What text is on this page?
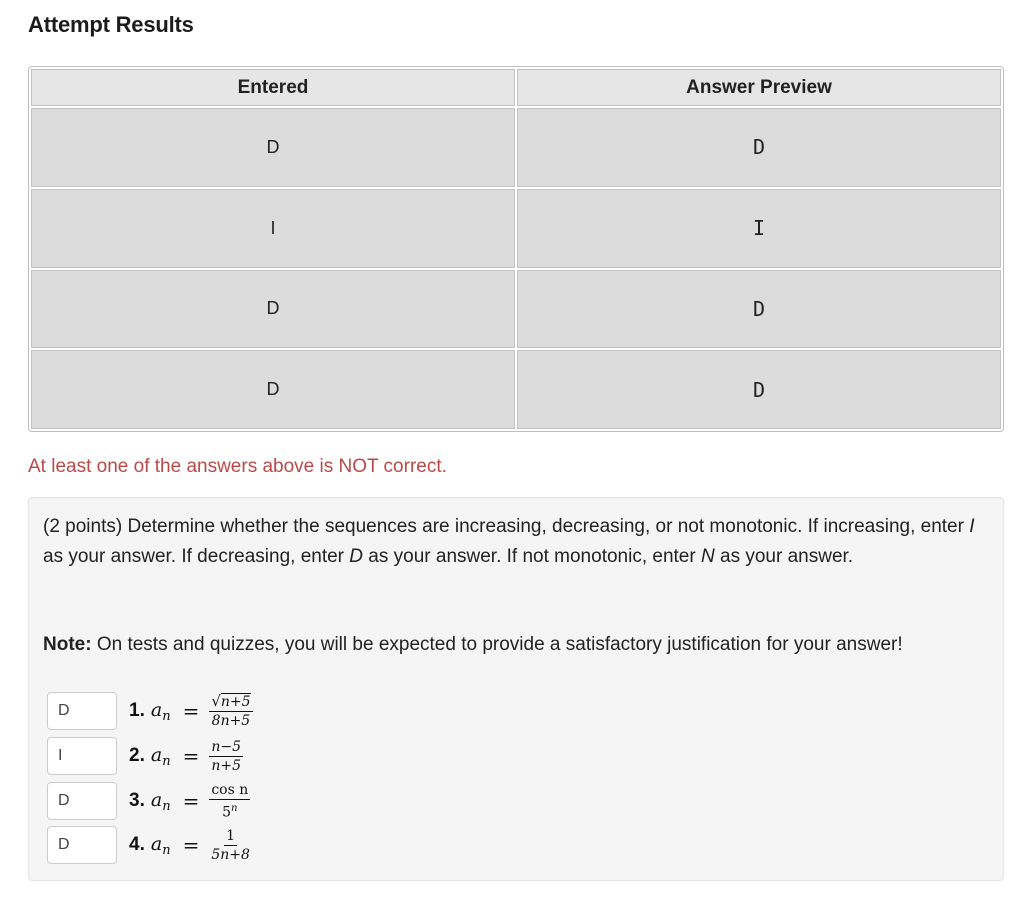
Attempt Results
Entered	Answer Preview
D	D
I	I
D	D
D	D
At least one of the answers above is NOT correct.
(2 points) Determine whether the sequences are increasing, decreasing, or not monotonic. If increasing, enter I as your answer. If decreasing, enter D as your answer. If not monotonic, enter N as your answer.
Note: On tests and quizzes, you will be expected to provide a satisfactory justification for your answer!
D
1. $a_n = \frac{√n+5}{8n+5}$
I
2. $a_n = \frac{n-5}{n+5}$
D
3. $a_n = \frac{\text{cos n}}{5^n}$
D
4. $a_n = \frac{1}{5n+8}$
